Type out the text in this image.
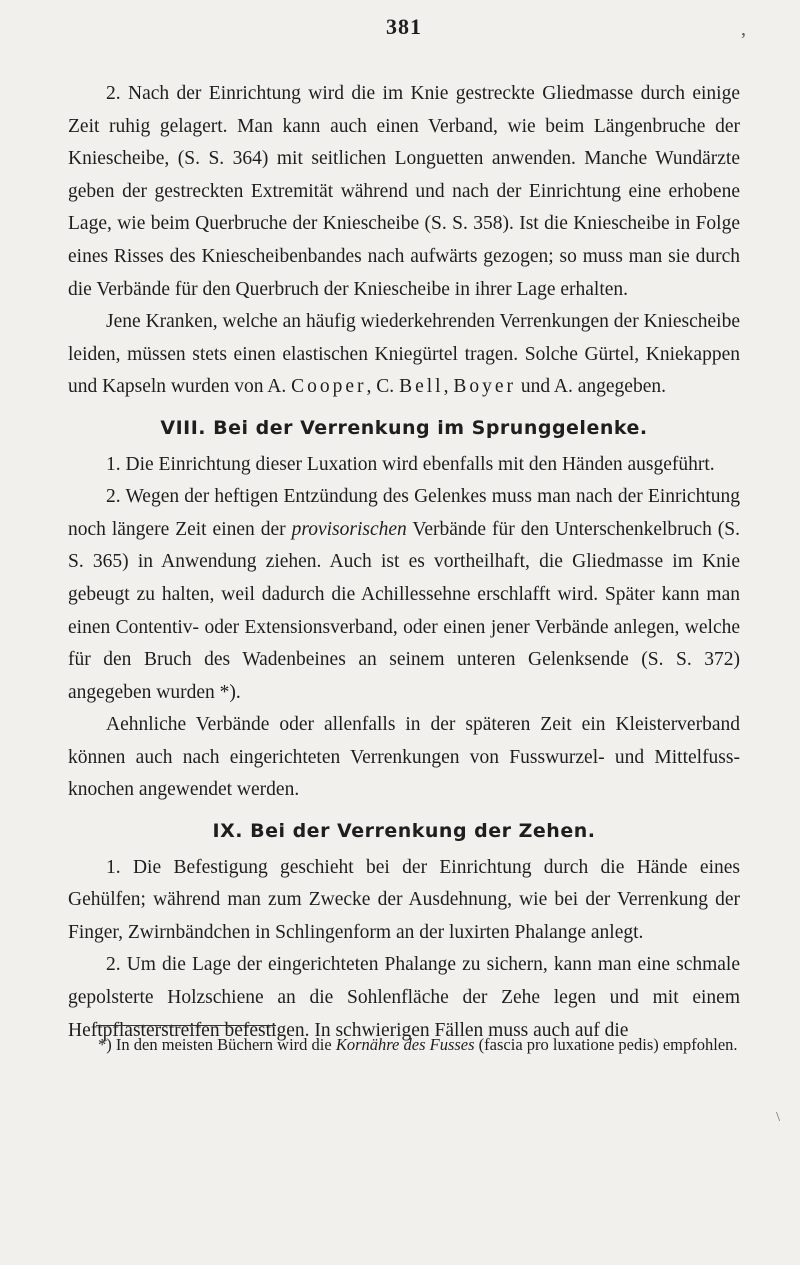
381	,

2. Nach der Einrichtung wird die im Knie gestreckte Gliedmasse durch einige Zeit ruhig gelagert. Man kann auch einen Verband, wie beim Längenbruche der Kniescheibe, (S. S. 364) mit seitlichen Longuetten anwenden. Manche Wundärzte geben der gestreckten Extremität während und nach der Einrichtung eine erhobene Lage, wie beim Querbruche der Kniescheibe (S. S. 358). Ist die Kniescheibe in Folge eines Risses des Kniescheibenbandes nach aufwärts gezogen; so muss man sie durch die Verbände für den Querbruch der Kniescheibe in ihrer Lage erhalten.

Jene Kranken, welche an häufig wiederkehrenden Verrenkungen der Kniescheibe leiden, müssen stets einen elastischen Kniegürtel tragen. Solche Gürtel, Kniekappen und Kapseln wurden von A. Cooper, C. Bell, Boyer und A. angegeben.

VIII. Bei der Verrenkung im Sprunggelenke.

1. Die Einrichtung dieser Luxation wird ebenfalls mit den Händen ausgeführt.

2. Wegen der heftigen Entzündung des Gelenkes muss man nach der Einrichtung noch längere Zeit einen der provisorischen Verbände für den Unterschenkelbruch (S. S. 365) in Anwendung ziehen. Auch ist es vortheilhaft, die Gliedmasse im Knie gebeugt zu halten, weil dadurch die Achillessehne erschlafft wird. Später kann man einen Contentiv- oder Extensionsverband, oder einen jener Verbände anlegen, welche für den Bruch des Wadenbeines an seinem unteren Gelenksende (S. S. 372) angegeben wurden *).

Aehnliche Verbände oder allenfalls in der späteren Zeit ein Kleisterverband können auch nach eingerichteten Verrenkungen von Fusswurzel- und Mittelfussknochen angewendet werden.

IX. Bei der Verrenkung der Zehen.

1. Die Befestigung geschieht bei der Einrichtung durch die Hände eines Gehülfen; während man zum Zwecke der Ausdehnung, wie bei der Verrenkung der Finger, Zwirnbändchen in Schlingenform an der luxirten Phalange anlegt.

2. Um die Lage der eingerichteten Phalange zu sichern, kann man eine schmale gepolsterte Holzschiene an die Sohlenfläche der Zehe legen und mit einem Heftpflasterstreifen befestigen. In schwierigen Fällen muss auch auf die

*) In den meisten Büchern wird die Kornähre des Fusses (fascia pro luxatione pedis) empfohlen.

\
